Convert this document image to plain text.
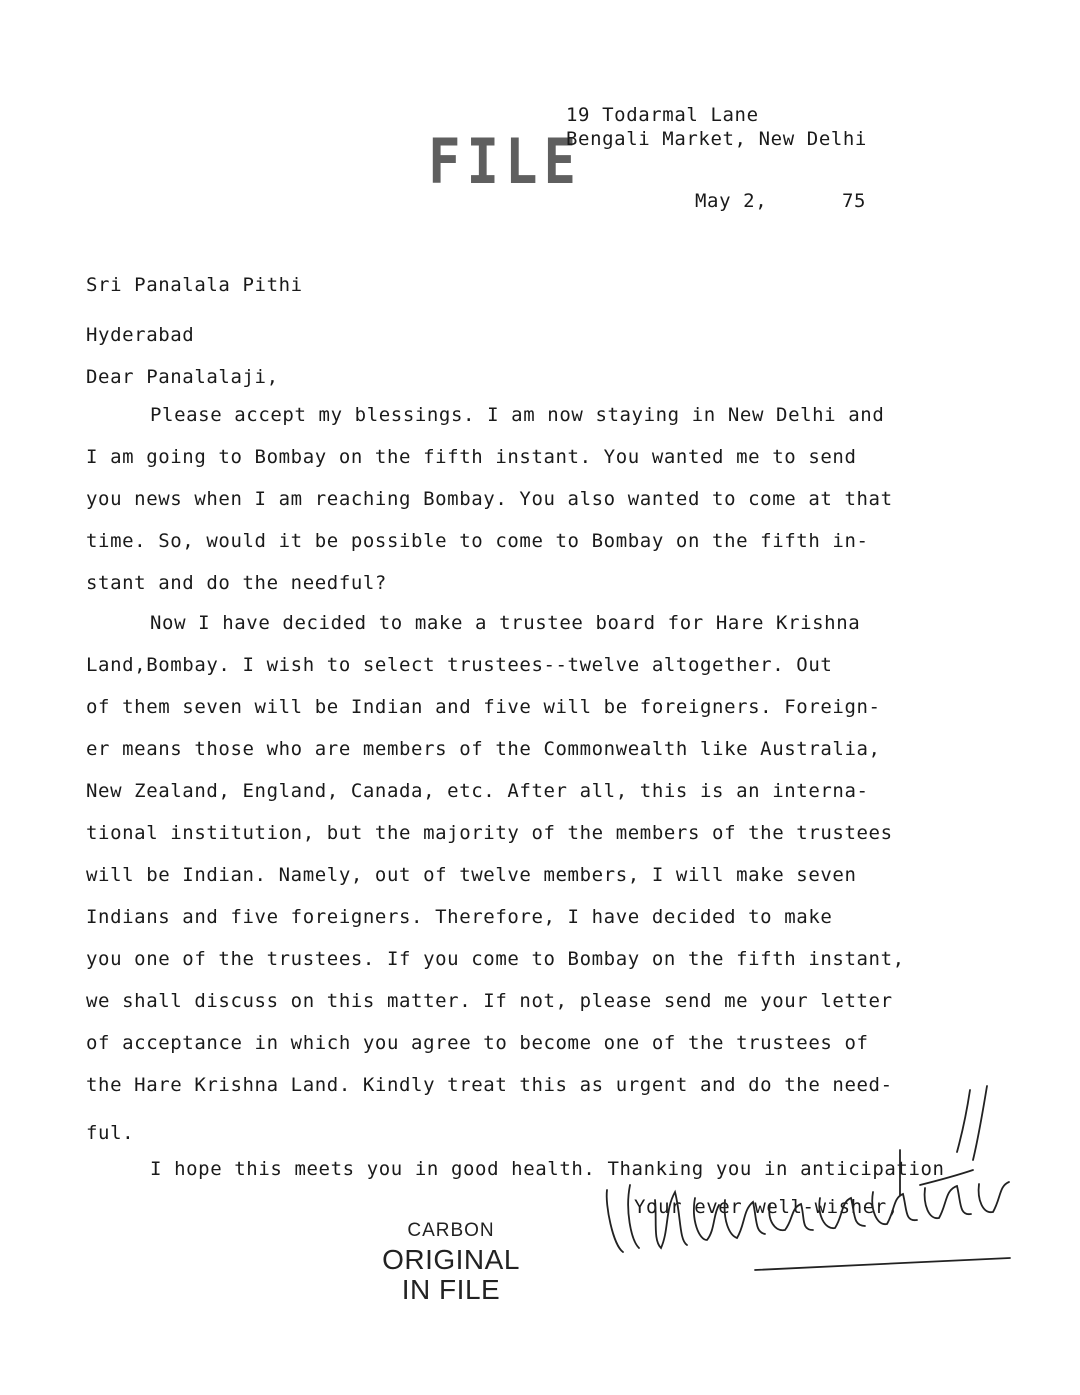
FILE
19 Todarmal Lane
Bengali Market, New Delhi
May 2,	75
Sri Panalala Pithi
Hyderabad
Dear Panalalaji,
Please accept my blessings. I am now staying in New Delhi and
I am going to Bombay on the fifth instant. You wanted me to send
you news when I am reaching Bombay. You also wanted to come at that
time. So, would it be possible to come to Bombay on the fifth in-
stant and do the needful?
Now I have decided to make a trustee board for Hare Krishna
Land,Bombay. I wish to select trustees--twelve altogether. Out
of them seven will be Indian and five will be foreigners. Foreign-
er means those who are members of the Commonwealth like Australia,
New Zealand, England, Canada, etc. After all, this is an interna-
tional institution, but the majority of the members of the trustees
will be Indian. Namely, out of twelve members, I will make seven
Indians and five foreigners. Therefore, I have decided to make
you one of the trustees. If you come to Bombay on the fifth instant,
we shall discuss on this matter. If not, please send me your letter
of acceptance in which you agree to become one of the trustees of
the Hare Krishna Land. Kindly treat this as urgent and do the need-
ful.
I hope this meets you in good health. Thanking you in anticipation
Your ever well-wisher,
CARBON
ORIGINAL
IN FILE
